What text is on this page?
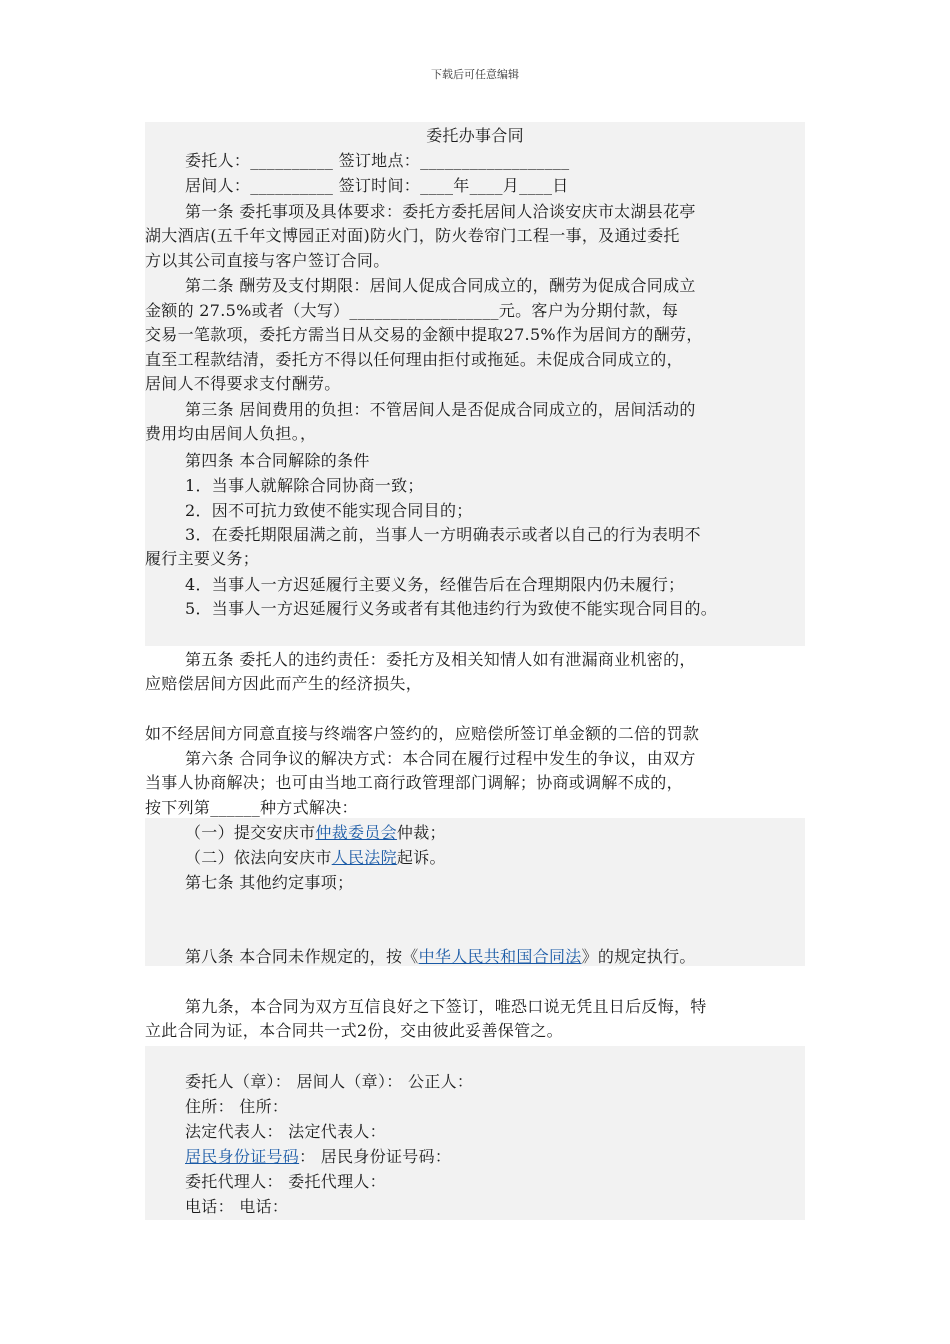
下载后可任意编辑
委托办事合同
委托人：__________ 签订地点：__________________
居间人：__________ 签订时间：____年____月____日
第一条 委托事项及具体要求：委托方委托居间人洽谈安庆市太湖县花亭
湖大酒店(五千年文博园正对面)防火门，防火卷帘门工程一事，及通过委托
方以其公司直接与客户签订合同。
第二条 酬劳及支付期限：居间人促成合同成立的，酬劳为促成合同成立
金额的 27.5%或者（大写）__________________元。客户为分期付款，每
交易一笔款项，委托方需当日从交易的金额中提取27.5%作为居间方的酬劳，
直至工程款结清，委托方不得以任何理由拒付或拖延。未促成合同成立的，
居间人不得要求支付酬劳。
第三条 居间费用的负担：不管居间人是否促成合同成立的，居间活动的
费用均由居间人负担。，
第四条 本合同解除的条件
1．当事人就解除合同协商一致；
2．因不可抗力致使不能实现合同目的；
3．在委托期限届满之前，当事人一方明确表示或者以自己的行为表明不
履行主要义务；
4．当事人一方迟延履行主要义务，经催告后在合理期限内仍未履行；
5．当事人一方迟延履行义务或者有其他违约行为致使不能实现合同目的。
第五条 委托人的违约责任：委托方及相关知情人如有泄漏商业机密的，
应赔偿居间方因此而产生的经济损失，
如不经居间方同意直接与终端客户签约的，应赔偿所签订单金额的二倍的罚款
第六条 合同争议的解决方式：本合同在履行过程中发生的争议，由双方
当事人协商解决；也可由当地工商行政管理部门调解；协商或调解不成的，
按下列第______种方式解决：
（一）提交安庆市仲裁委员会仲裁；
（二）依法向安庆市人民法院起诉。
第七条 其他约定事项；
第八条 本合同未作规定的，按《中华人民共和国合同法》的规定执行。
第九条，本合同为双方互信良好之下签订，唯恐口说无凭且日后反悔，特
立此合同为证，本合同共一式2份，交由彼此妥善保管之。
委托人（章）： 居间人（章）： 公正人：
住所： 住所：
法定代表人： 法定代表人：
居民身份证号码： 居民身份证号码：
委托代理人： 委托代理人：
电话： 电话：
